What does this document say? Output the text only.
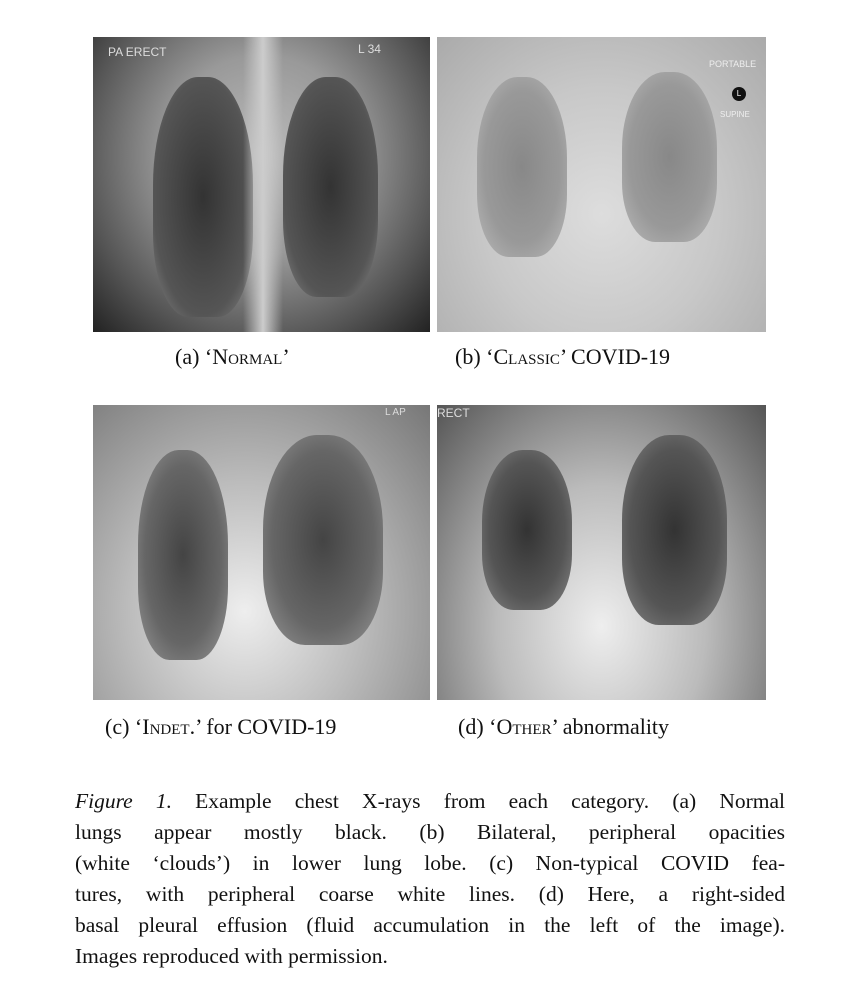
PA ERECT	L 34
(a) ‘Normal’
PORTABLE
L
SUPINE
(b) ‘Classic’ COVID-19
L AP
(c) ‘Indet.’ for COVID-19
RECT
(d) ‘Other’ abnormality
Figure 1. Example chest X-rays from each category. (a) Normal
lungs appear mostly black. (b) Bilateral, peripheral opacities
(white ‘clouds’) in lower lung lobe. (c) Non-typical COVID fea-
tures, with peripheral coarse white lines. (d) Here, a right-sided
basal pleural effusion (fluid accumulation in the left of the image).
Images reproduced with permission.
